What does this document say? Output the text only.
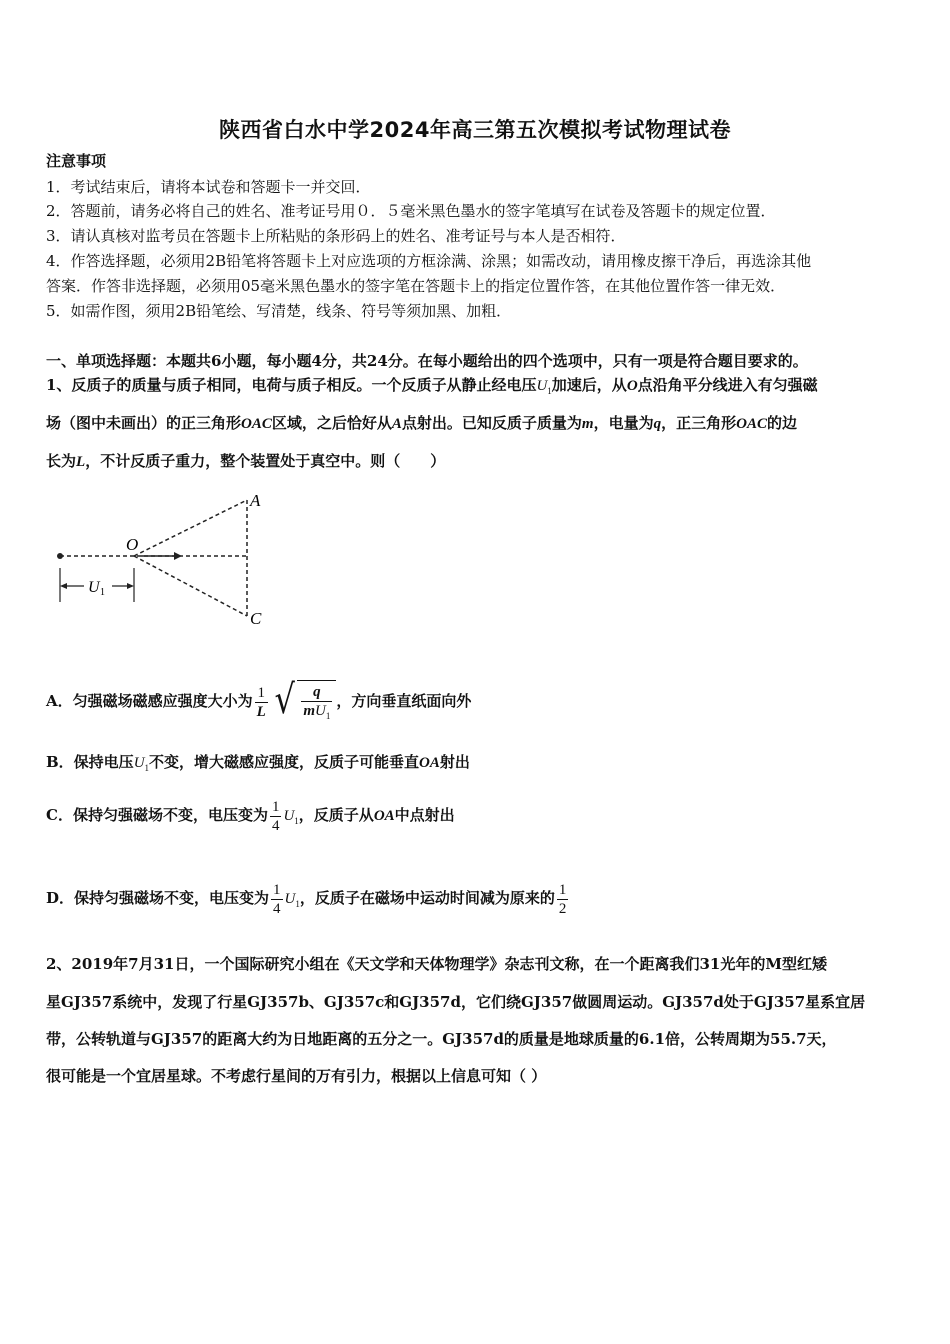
陕西省白水中学2024年高三第五次模拟考试物理试卷
注意事项
1．考试结束后，请将本试卷和答题卡一并交回．
2．答题前，请务必将自己的姓名、准考证号用０．５毫米黑色墨水的签字笔填写在试卷及答题卡的规定位置．
3．请认真核对监考员在答题卡上所粘贴的条形码上的姓名、准考证号与本人是否相符．
4．作答选择题，必须用2B铅笔将答题卡上对应选项的方框涂满、涂黑；如需改动，请用橡皮擦干净后，再选涂其他
答案．作答非选择题，必须用05毫米黑色墨水的签字笔在答题卡上的指定位置作答，在其他位置作答一律无效．
5．如需作图，须用2B铅笔绘、写清楚，线条、符号等须加黑、加粗．
一、单项选择题：本题共6小题，每小题4分，共24分。在每小题给出的四个选项中，只有一项是符合题目要求的。
1、反质子的质量与质子相同，电荷与质子相反。一个反质子从静止经电压$U_1$加速后，从O点沿角平分线进入有匀强磁
场（图中未画出）的正三角形OAC区域，之后恰好从A点射出。已知反质子质量为m，电量为q，正三角形OAC的边
长为L，不计反质子重力，整个装置处于真空中。则（　　）
O
A
C
U 1
A．匀强磁场磁感应强度大小为 $\frac{1}{L}$ √ $\frac{q}{mU_1}$ ，方向垂直纸面向外
B．保持电压$U_1$不变，增大磁感应强度，反质子可能垂直OA射出
C．保持匀强磁场不变，电压变为 $\frac{1}{4} U_1$，反质子从OA中点射出
D．保持匀强磁场不变，电压变为 $\frac{1}{4} U_1$，反质子在磁场中运动时间减为原来的 $\frac{1}{2}$
2、2019年7月31日，一个国际研究小组在《天文学和天体物理学》杂志刊文称，在一个距离我们31光年的M型红矮
星GJ357系统中，发现了行星GJ357b、GJ357c和GJ357d，它们绕GJ357做圆周运动。GJ357d处于GJ357星系宜居
带，公转轨道与GJ357的距离大约为日地距离的五分之一。GJ357d的质量是地球质量的6.1倍，公转周期为55.7天，
很可能是一个宜居星球。不考虑行星间的万有引力，根据以上信息可知（ ）
